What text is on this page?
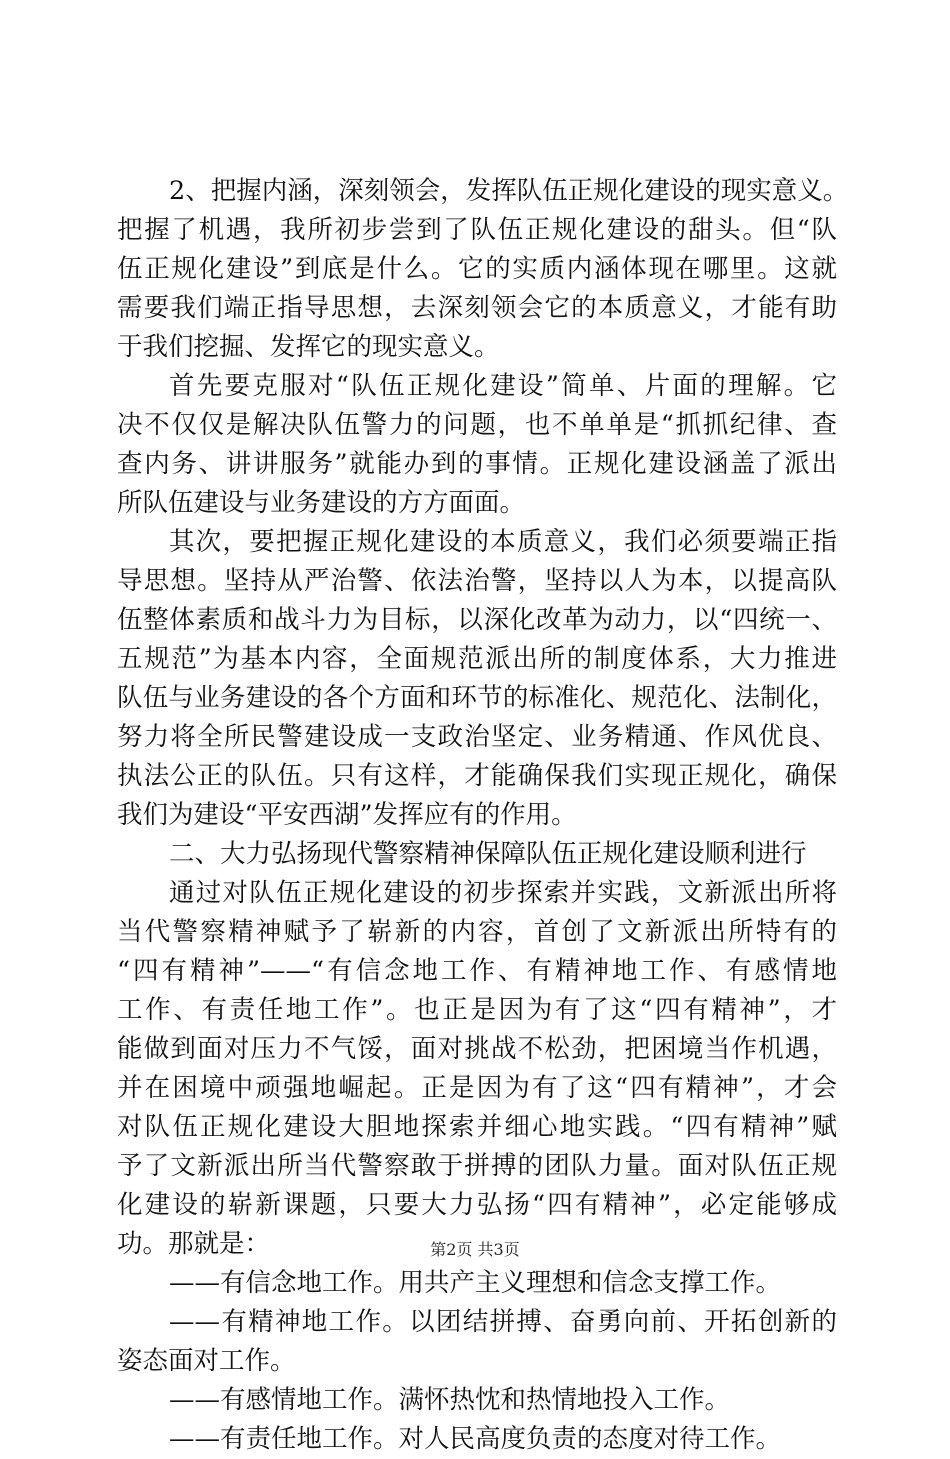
2、把握内涵，深刻领会，发挥队伍正规化建设的现实意义。
把握了机遇，我所初步尝到了队伍正规化建设的甜头。但“队
伍正规化建设”到底是什么。它的实质内涵体现在哪里。这就
需要我们端正指导思想，去深刻领会它的本质意义，才能有助
于我们挖掘、发挥它的现实意义。
首先要克服对“队伍正规化建设”简单、片面的理解。它
决不仅仅是解决队伍警力的问题，也不单单是“抓抓纪律、查
查内务、讲讲服务”就能办到的事情。正规化建设涵盖了派出
所队伍建设与业务建设的方方面面。
其次，要把握正规化建设的本质意义，我们必须要端正指
导思想。坚持从严治警、依法治警，坚持以人为本，以提高队
伍整体素质和战斗力为目标，以深化改革为动力，以“四统一、
五规范”为基本内容，全面规范派出所的制度体系，大力推进
队伍与业务建设的各个方面和环节的标准化、规范化、法制化，
努力将全所民警建设成一支政治坚定、业务精通、作风优良、
执法公正的队伍。只有这样，才能确保我们实现正规化，确保
我们为建设“平安西湖”发挥应有的作用。
二、大力弘扬现代警察精神保障队伍正规化建设顺利进行
通过对队伍正规化建设的初步探索并实践，文新派出所将
当代警察精神赋予了崭新的内容，首创了文新派出所特有的
“四有精神”——“有信念地工作、有精神地工作、有感情地
工作、有责任地工作”。也正是因为有了这“四有精神”，才
能做到面对压力不气馁，面对挑战不松劲，把困境当作机遇，
并在困境中顽强地崛起。正是因为有了这“四有精神”，才会
对队伍正规化建设大胆地探索并细心地实践。“四有精神”赋
予了文新派出所当代警察敢于拼搏的团队力量。面对队伍正规
化建设的崭新课题，只要大力弘扬“四有精神”，必定能够成
功。那就是：
——有信念地工作。用共产主义理想和信念支撑工作。
——有精神地工作。以团结拼搏、奋勇向前、开拓创新的
姿态面对工作。
——有感情地工作。满怀热忱和热情地投入工作。
——有责任地工作。对人民高度负责的态度对待工作。
第2页 共3页
